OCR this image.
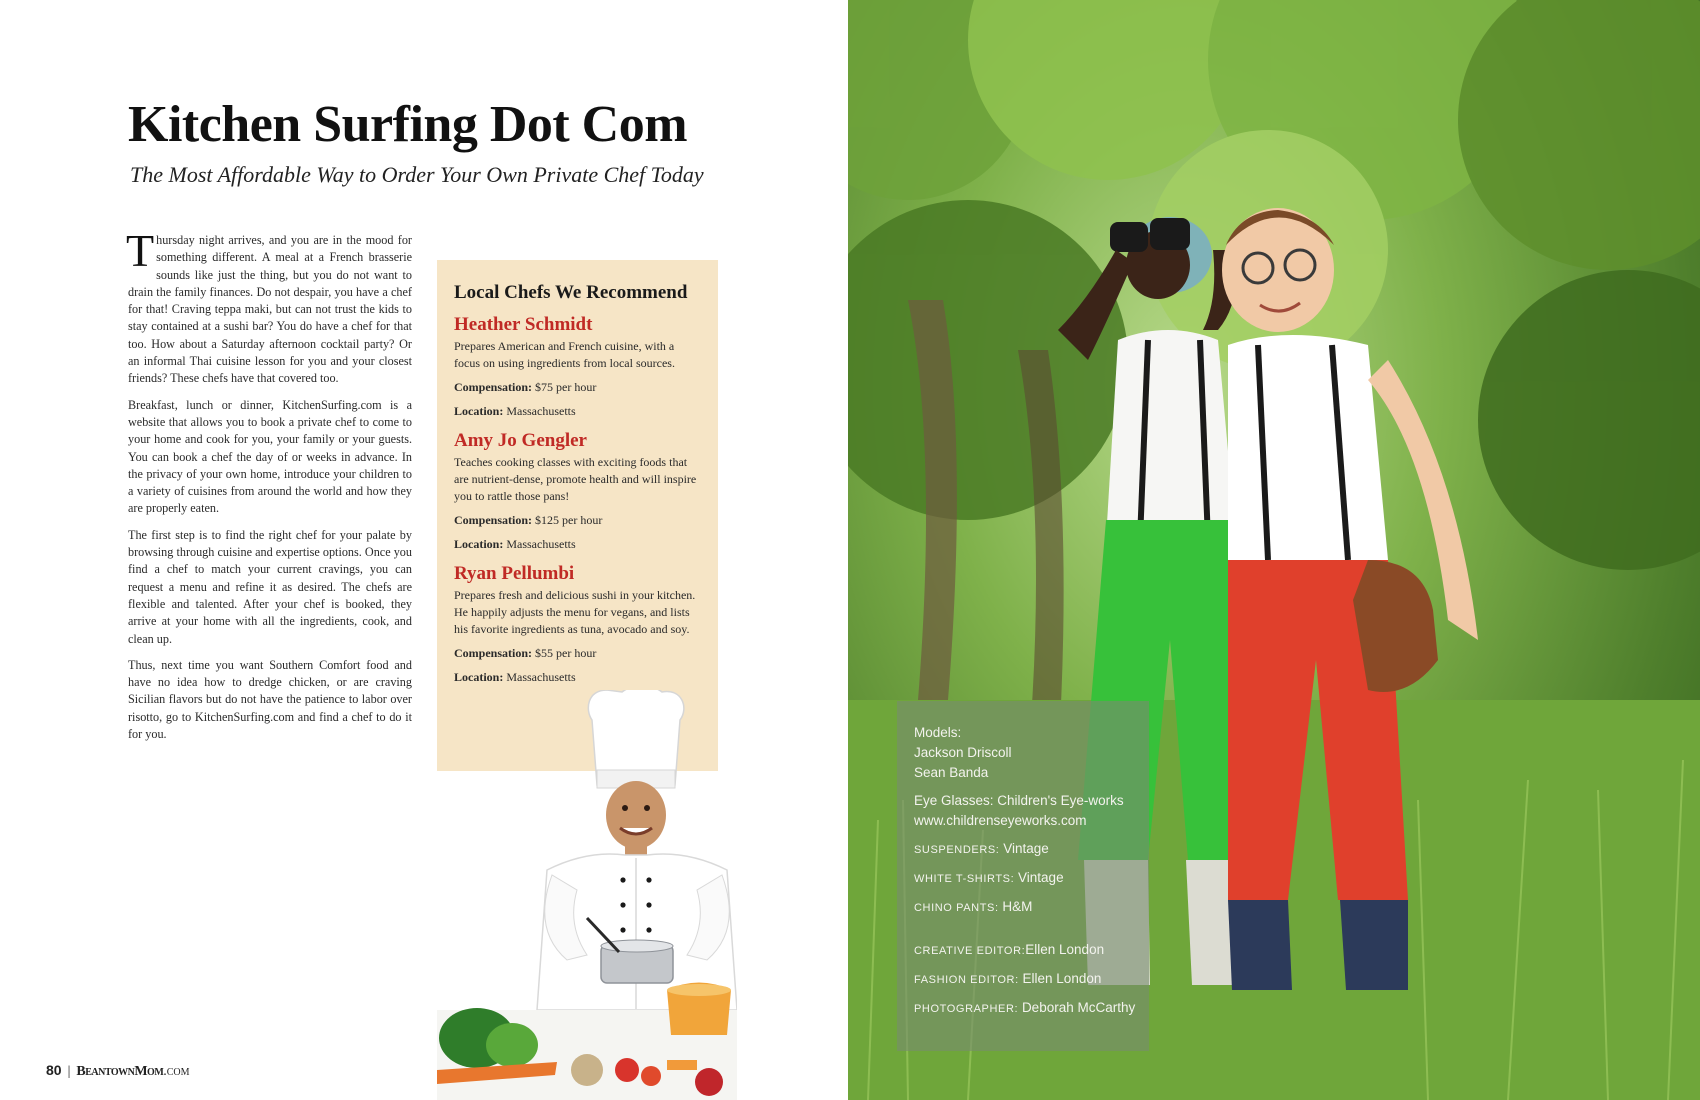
Kitchen Surfing Dot Com
The Most Affordable Way to Order Your Own Private Chef Today

Thursday night arrives, and you are in the mood for something different. A meal at a French brasserie sounds like just the thing, but you do not want to drain the family finances. Do not despair, you have a chef for that! Craving teppa maki, but can not trust the kids to stay contained at a sushi bar? You do have a chef for that too. How about a Saturday afternoon cocktail party? Or an informal Thai cuisine lesson for you and your closest friends? These chefs have that covered too.

Breakfast, lunch or dinner, KitchenSurfing.com is a website that allows you to book a private chef to come to your home and cook for you, your family or your guests. You can book a chef the day of or weeks in advance. In the privacy of your own home, introduce your children to a variety of cuisines from around the world and how they are properly eaten.

The first step is to find the right chef for your palate by browsing through cuisine and expertise options. Once you find a chef to match your current cravings, you can request a menu and refine it as desired. The chefs are flexible and talented. After your chef is booked, they arrive at your home with all the ingredients, cook, and clean up.

Thus, next time you want Southern Comfort food and have no idea how to dredge chicken, or are craving Sicilian flavors but do not have the patience to labor over risotto, go to KitchenSurfing.com and find a chef to do it for you.

Local Chefs We Recommend
Heather Schmidt
Prepares American and French cuisine, with a focus on using ingredients from local sources.
Compensation: $75 per hour
Location: Massachusetts
Amy Jo Gengler
Teaches cooking classes with exciting foods that are nutrient-dense, promote health and will inspire you to rattle those pans!
Compensation: $125 per hour
Location: Massachusetts
Ryan Pellumbi
Prepares fresh and delicious sushi in your kitchen. He happily adjusts the menu for vegans, and lists his favorite ingredients as tuna, avocado and soy.
Compensation: $55 per hour
Location: Massachusetts
80 | BeantownMom.com
Models:
Jackson Driscoll
Sean Banda
Eye Glasses: Children's Eye-works
www.childrenseyeworks.com
SUSPENDERS: Vintage
WHITE T-SHIRTS: Vintage
CHINO PANTS: H&M
CREATIVE EDITOR:Ellen London
FASHION EDITOR: Ellen London
PHOTOGRAPHER: Deborah McCarthy
